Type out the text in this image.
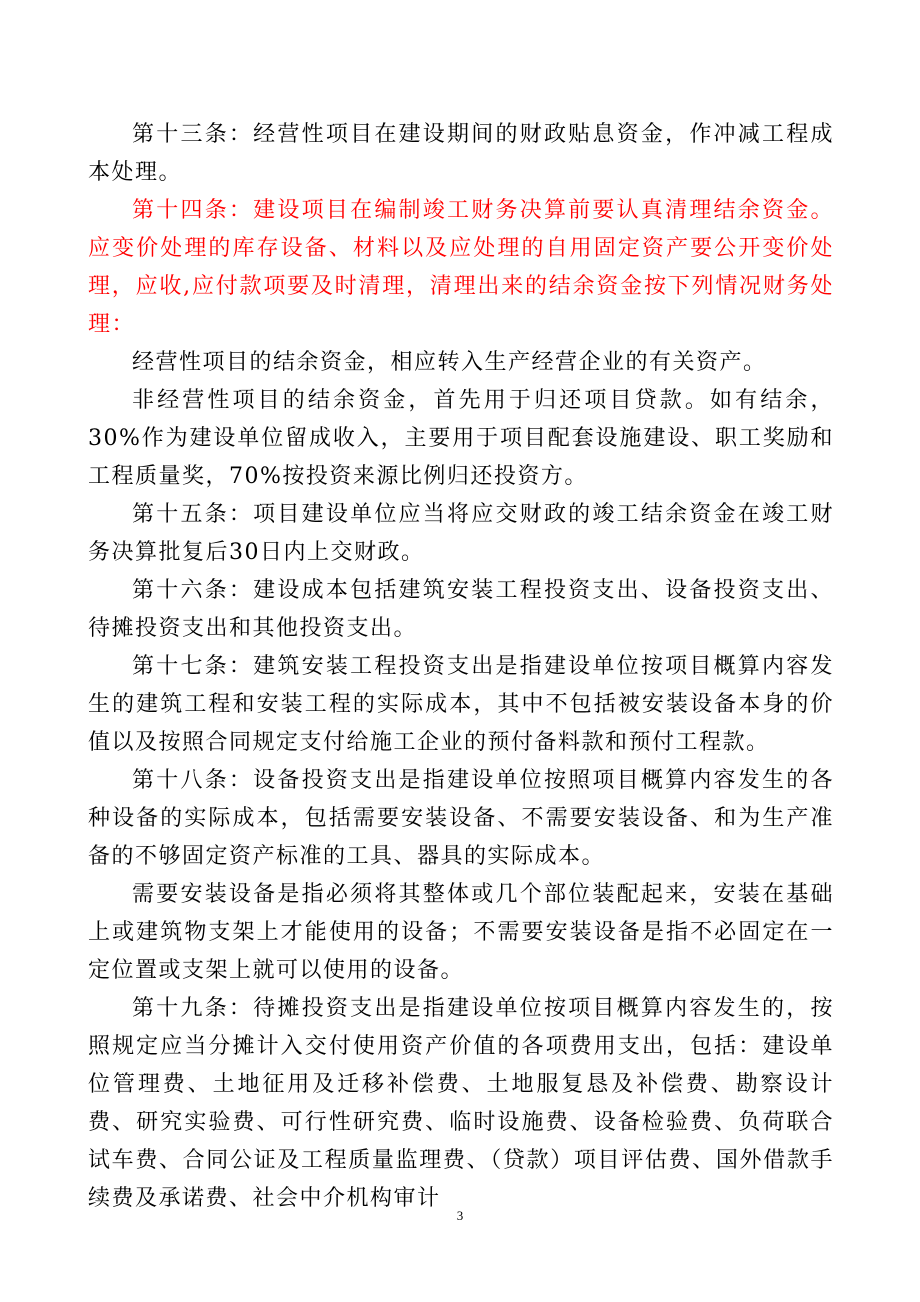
第十三条：经营性项目在建设期间的财政贴息资金，作冲减工程成本处理。

第十四条：建设项目在编制竣工财务决算前要认真清理结余资金。应变价处理的库存设备、材料以及应处理的自用固定资产要公开变价处理，应收,应付款项要及时清理，清理出来的结余资金按下列情况财务处理：

经营性项目的结余资金，相应转入生产经营企业的有关资产。

非经营性项目的结余资金，首先用于归还项目贷款。如有结余，30%作为建设单位留成收入，主要用于项目配套设施建设、职工奖励和工程质量奖，70%按投资来源比例归还投资方。

第十五条：项目建设单位应当将应交财政的竣工结余资金在竣工财务决算批复后30日内上交财政。

第十六条：建设成本包括建筑安装工程投资支出、设备投资支出、待摊投资支出和其他投资支出。

第十七条：建筑安装工程投资支出是指建设单位按项目概算内容发生的建筑工程和安装工程的实际成本，其中不包括被安装设备本身的价值以及按照合同规定支付给施工企业的预付备料款和预付工程款。

第十八条：设备投资支出是指建设单位按照项目概算内容发生的各种设备的实际成本，包括需要安装设备、不需要安装设备、和为生产准备的不够固定资产标准的工具、器具的实际成本。

需要安装设备是指必须将其整体或几个部位装配起来，安装在基础上或建筑物支架上才能使用的设备；不需要安装设备是指不必固定在一定位置或支架上就可以使用的设备。

第十九条：待摊投资支出是指建设单位按项目概算内容发生的，按照规定应当分摊计入交付使用资产价值的各项费用支出，包括：建设单位管理费、土地征用及迁移补偿费、土地服复恳及补偿费、勘察设计费、研究实验费、可行性研究费、临时设施费、设备检验费、负荷联合试车费、合同公证及工程质量监理费、（贷款）项目评估费、国外借款手续费及承诺费、社会中介机构审计

3
